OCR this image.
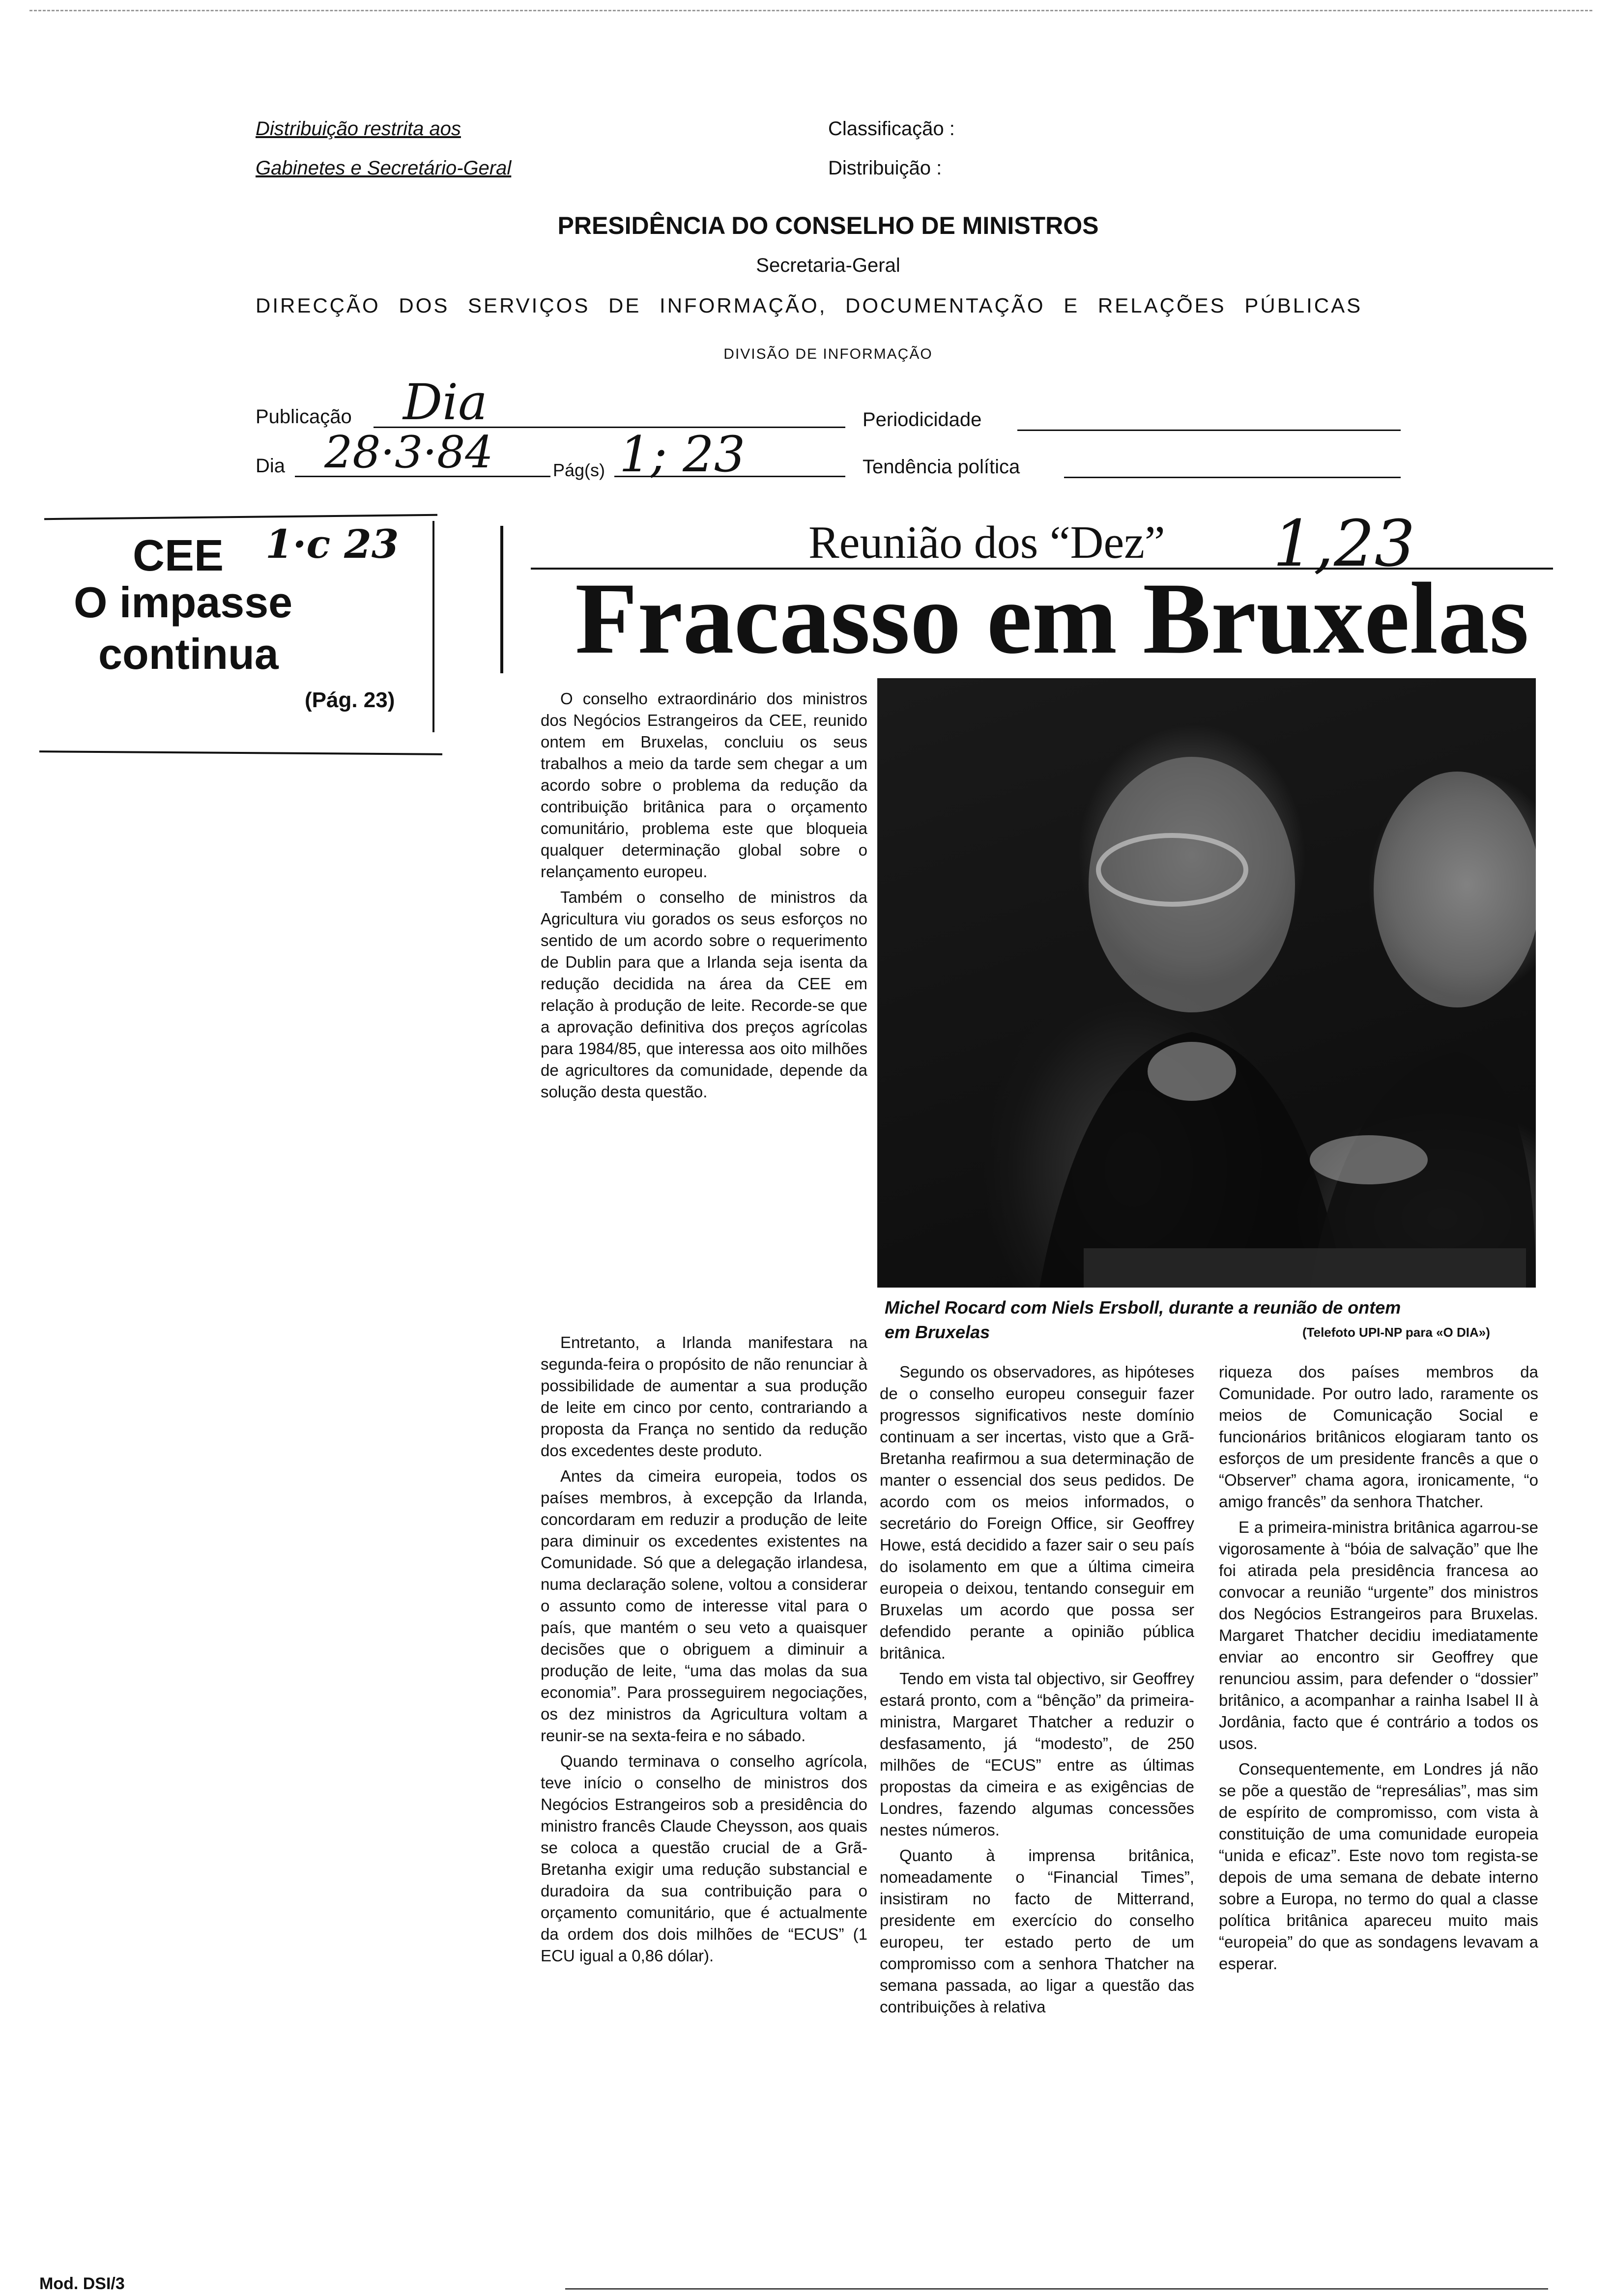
Distribuição restrita aos
Gabinetes e Secretário-Geral
Classificação :
Distribuição :
PRESIDÊNCIA DO CONSELHO DE MINISTROS
Secretaria-Geral
DIRECÇÃO DOS SERVIÇOS DE INFORMAÇÃO, DOCUMENTAÇÃO E RELAÇÕES PÚBLICAS
DIVISÃO DE INFORMAÇÃO
Publicação Dia
Dia 28·3·84	Pág(s) 1; 23
Periodicidade
Tendência política
CEE 1·c 23
O impasse
continua
(Pág. 23)
Reunião dos “Dez” 1,23
Fracasso em Bruxelas

O conselho extraordinário dos ministros dos Negócios Estrangeiros da CEE, reunido ontem em Bruxelas, concluiu os seus trabalhos a meio da tarde sem chegar a um acordo sobre o problema da redução da contribuição britânica para o orçamento comunitário, problema este que bloqueia qualquer determinação global sobre o relançamento europeu.

Também o conselho de ministros da Agricultura viu gorados os seus esforços no sentido de um acordo sobre o requerimento de Dublin para que a Irlanda seja isenta da redução decidida na área da CEE em relação à produção de leite. Recorde-se que a aprovação definitiva dos preços agrícolas para 1984/85, que interessa aos oito milhões de agricultores da comunidade, depende da solução desta questão.

Michel Rocard com Niels Ersboll, durante a reunião de ontem
em Bruxelas	(Telefoto UPI-NP para «O DIA»)

Entretanto, a Irlanda manifestara na segunda-feira o propósito de não renunciar à possibilidade de aumentar a sua produção de leite em cinco por cento, contrariando a proposta da França no sentido da redução dos excedentes deste produto.

Antes da cimeira europeia, todos os países membros, à excepção da Irlanda, concordaram em reduzir a produção de leite para diminuir os excedentes existentes na Comunidade. Só que a delegação irlandesa, numa declaração solene, voltou a considerar o assunto como de interesse vital para o país, que mantém o seu veto a quaisquer decisões que o obriguem a diminuir a produção de leite, “uma das molas da sua economia”. Para prosseguirem negociações, os dez ministros da Agricultura voltam a reunir-se na sexta-feira e no sábado.

Quando terminava o conselho agrícola, teve início o conselho de ministros dos Negócios Estrangeiros sob a presidência do ministro francês Claude Cheysson, aos quais se coloca a questão crucial de a Grã-Bretanha exigir uma redução substancial e duradoira da sua contribuição para o orçamento comunitário, que é actualmente da ordem dos dois milhões de “ECUS” (1 ECU igual a 0,86 dólar).

Segundo os observadores, as hipóteses de o conselho europeu conseguir fazer progressos significativos neste domínio continuam a ser incertas, visto que a Grã-Bretanha reafirmou a sua determinação de manter o essencial dos seus pedidos. De acordo com os meios informados, o secretário do Foreign Office, sir Geoffrey Howe, está decidido a fazer sair o seu país do isolamento em que a última cimeira europeia o deixou, tentando conseguir em Bruxelas um acordo que possa ser defendido perante a opinião pública britânica.

Tendo em vista tal objectivo, sir Geoffrey estará pronto, com a “bênção” da primeira-ministra, Margaret Thatcher a reduzir o desfasamento, já “modesto”, de 250 milhões de “ECUS” entre as últimas propostas da cimeira e as exigências de Londres, fazendo algumas concessões nestes números.

Quanto à imprensa britânica, nomeadamente o “Financial Times”, insistiram no facto de Mitterrand, presidente em exercício do conselho europeu, ter estado perto de um compromisso com a senhora Thatcher na semana passada, ao ligar a questão das contribuições à relativa

riqueza dos países membros da Comunidade. Por outro lado, raramente os meios de Comunicação Social e funcionários britânicos elogiaram tanto os esforços de um presidente francês a que o “Observer” chama agora, ironicamente, “o amigo francês” da senhora Thatcher.

E a primeira-ministra britânica agarrou-se vigorosamente à “bóia de salvação” que lhe foi atirada pela presidência francesa ao convocar a reunião “urgente” dos ministros dos Negócios Estrangeiros para Bruxelas. Margaret Thatcher decidiu imediatamente enviar ao encontro sir Geoffrey que renunciou assim, para defender o “dossier” britânico, a acompanhar a rainha Isabel II à Jordânia, facto que é contrário a todos os usos.

Consequentemente, em Londres já não se põe a questão de “represálias”, mas sim de espírito de compromisso, com vista à constituição de uma comunidade europeia “unida e eficaz”. Este novo tom regista-se depois de uma semana de debate interno sobre a Europa, no termo do qual a classe política britânica apareceu muito mais “europeia” do que as sondagens levavam a esperar.

Mod. DSI/3
